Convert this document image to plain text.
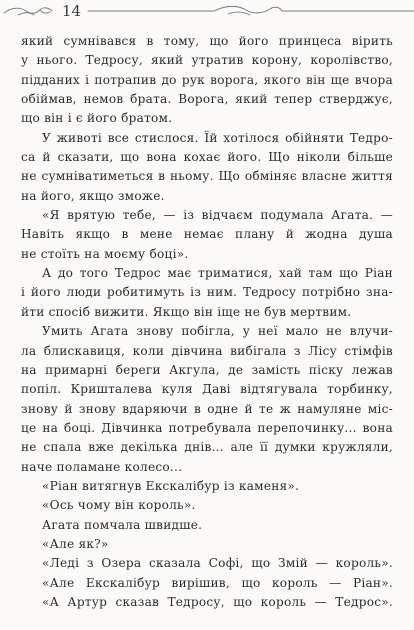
14
який сумнівався в тому, що його принцеса вірить
у нього. Тедросу, який утратив корону, королівство,
підданих і потрапив до рук ворога, якого він ще вчора
обіймав, немов брата. Ворога, який тепер стверджує,
що він і є його братом.
У животі все стислося. Їй хотілося обійняти Тедро-
са й сказати, що вона кохає його. Що ніколи більше
не сумніватиметься в ньому. Що обміняє власне життя
на його, якщо зможе.
«Я врятую тебе, — із відчаєм подумала Агата. —
Навіть якщо в мене немає плану й жодна душа
не стоїть на моєму боці».
А до того Тедрос має триматися, хай там що Ріан
і його люди робитимуть із ним. Тедросу потрібно зна-
йти спосіб вижити. Якщо він іще не був мертвим.
Умить Агата знову побігла, у неї мало не влучи-
ла блискавиця, коли дівчина вибігала з Лісу стімфів
на примарні береги Акгула, де замість піску лежав
попіл. Кришталева куля Даві відтягувала торбинку,
знову й знову вдаряючи в одне й те ж намуляне міс-
це на боці. Дівчинка потребувала перепочинку... вона
не спала вже декілька днів... але її думки кружляли,
наче поламане колесо...
«Ріан витягнув Екскалібур із каменя».
«Ось чому він король».
Агата помчала швидше.
«Але як?»
«Леді з Озера сказала Софі, що Змій — король».
«Але Екскалібур вирішив, що король — Ріан».
«А Артур сказав Тедросу, що король — Тедрос».
